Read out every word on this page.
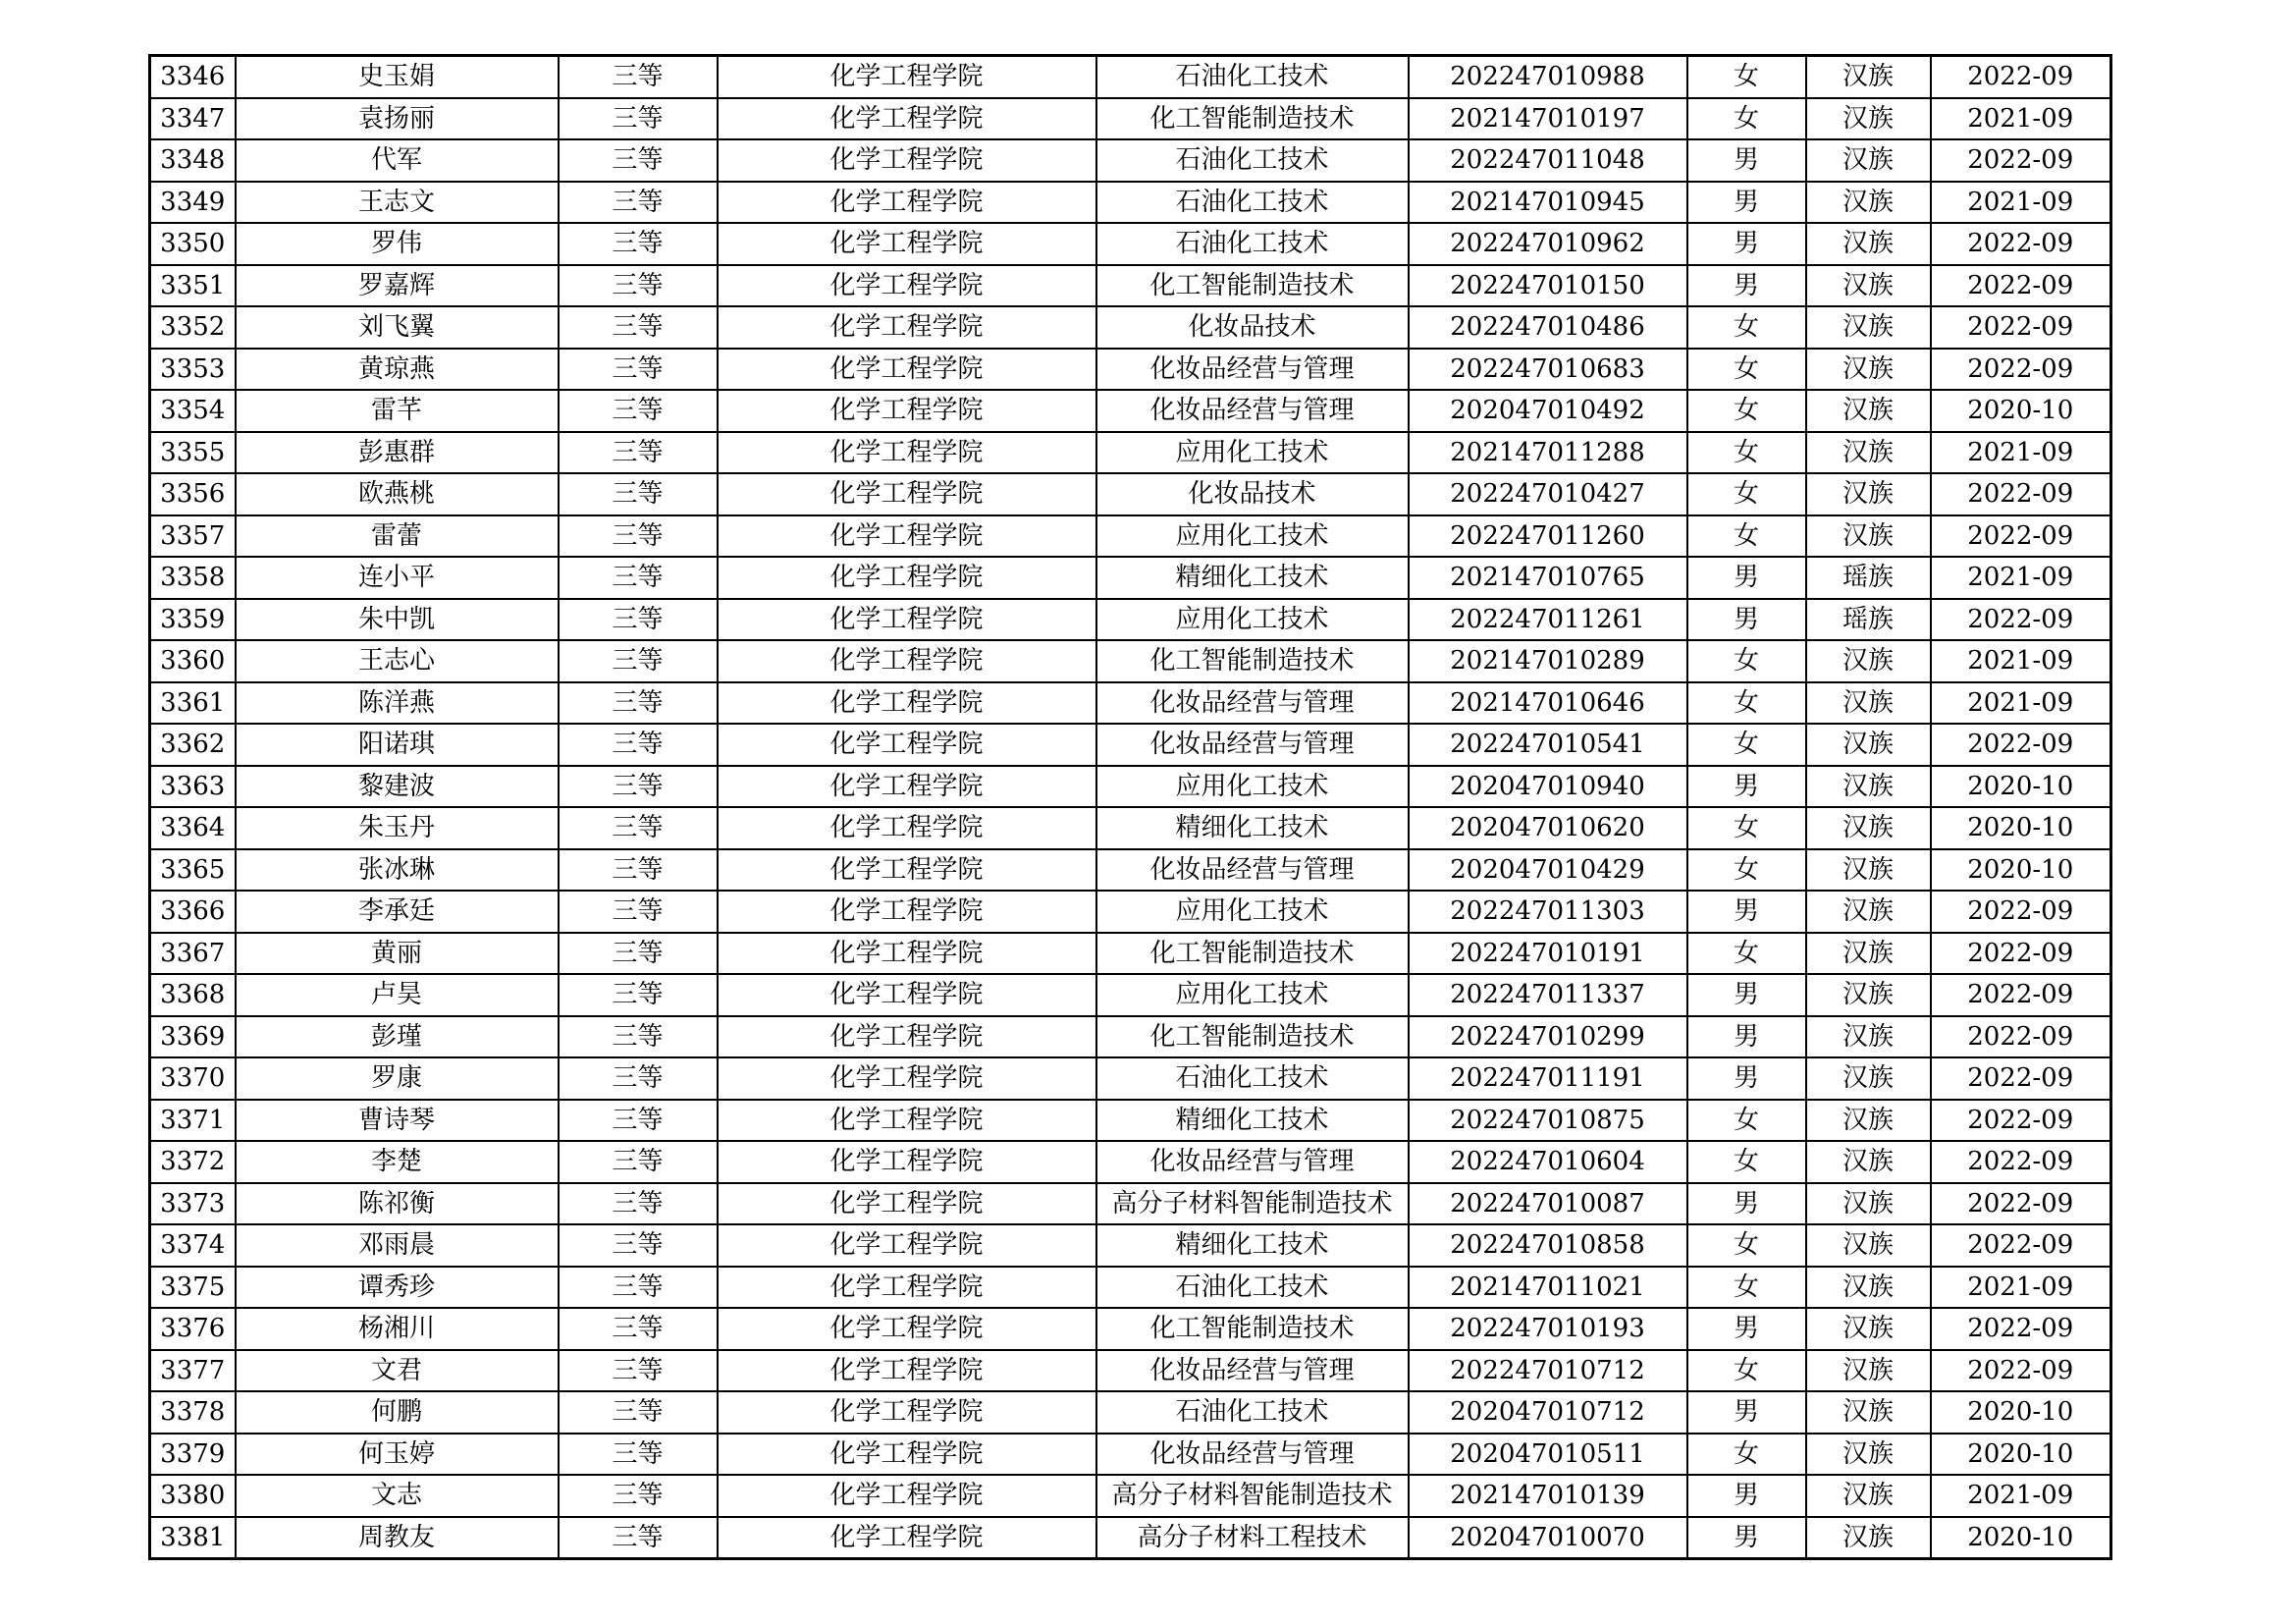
3346	史玉娟	三等	化学工程学院	石油化工技术	202247010988	女	汉族	2022-09
3347	袁扬丽	三等	化学工程学院	化工智能制造技术	202147010197	女	汉族	2021-09
3348	代军	三等	化学工程学院	石油化工技术	202247011048	男	汉族	2022-09
3349	王志文	三等	化学工程学院	石油化工技术	202147010945	男	汉族	2021-09
3350	罗伟	三等	化学工程学院	石油化工技术	202247010962	男	汉族	2022-09
3351	罗嘉辉	三等	化学工程学院	化工智能制造技术	202247010150	男	汉族	2022-09
3352	刘飞翼	三等	化学工程学院	化妆品技术	202247010486	女	汉族	2022-09
3353	黄琼燕	三等	化学工程学院	化妆品经营与管理	202247010683	女	汉族	2022-09
3354	雷芊	三等	化学工程学院	化妆品经营与管理	202047010492	女	汉族	2020-10
3355	彭惠群	三等	化学工程学院	应用化工技术	202147011288	女	汉族	2021-09
3356	欧燕桃	三等	化学工程学院	化妆品技术	202247010427	女	汉族	2022-09
3357	雷蕾	三等	化学工程学院	应用化工技术	202247011260	女	汉族	2022-09
3358	连小平	三等	化学工程学院	精细化工技术	202147010765	男	瑶族	2021-09
3359	朱中凯	三等	化学工程学院	应用化工技术	202247011261	男	瑶族	2022-09
3360	王志心	三等	化学工程学院	化工智能制造技术	202147010289	女	汉族	2021-09
3361	陈洋燕	三等	化学工程学院	化妆品经营与管理	202147010646	女	汉族	2021-09
3362	阳诺琪	三等	化学工程学院	化妆品经营与管理	202247010541	女	汉族	2022-09
3363	黎建波	三等	化学工程学院	应用化工技术	202047010940	男	汉族	2020-10
3364	朱玉丹	三等	化学工程学院	精细化工技术	202047010620	女	汉族	2020-10
3365	张冰琳	三等	化学工程学院	化妆品经营与管理	202047010429	女	汉族	2020-10
3366	李承廷	三等	化学工程学院	应用化工技术	202247011303	男	汉族	2022-09
3367	黄丽	三等	化学工程学院	化工智能制造技术	202247010191	女	汉族	2022-09
3368	卢昊	三等	化学工程学院	应用化工技术	202247011337	男	汉族	2022-09
3369	彭瑾	三等	化学工程学院	化工智能制造技术	202247010299	男	汉族	2022-09
3370	罗康	三等	化学工程学院	石油化工技术	202247011191	男	汉族	2022-09
3371	曹诗琴	三等	化学工程学院	精细化工技术	202247010875	女	汉族	2022-09
3372	李楚	三等	化学工程学院	化妆品经营与管理	202247010604	女	汉族	2022-09
3373	陈祁衡	三等	化学工程学院	高分子材料智能制造技术	202247010087	男	汉族	2022-09
3374	邓雨晨	三等	化学工程学院	精细化工技术	202247010858	女	汉族	2022-09
3375	谭秀珍	三等	化学工程学院	石油化工技术	202147011021	女	汉族	2021-09
3376	杨湘川	三等	化学工程学院	化工智能制造技术	202247010193	男	汉族	2022-09
3377	文君	三等	化学工程学院	化妆品经营与管理	202247010712	女	汉族	2022-09
3378	何鹏	三等	化学工程学院	石油化工技术	202047010712	男	汉族	2020-10
3379	何玉婷	三等	化学工程学院	化妆品经营与管理	202047010511	女	汉族	2020-10
3380	文志	三等	化学工程学院	高分子材料智能制造技术	202147010139	男	汉族	2021-09
3381	周教友	三等	化学工程学院	高分子材料工程技术	202047010070	男	汉族	2020-10
